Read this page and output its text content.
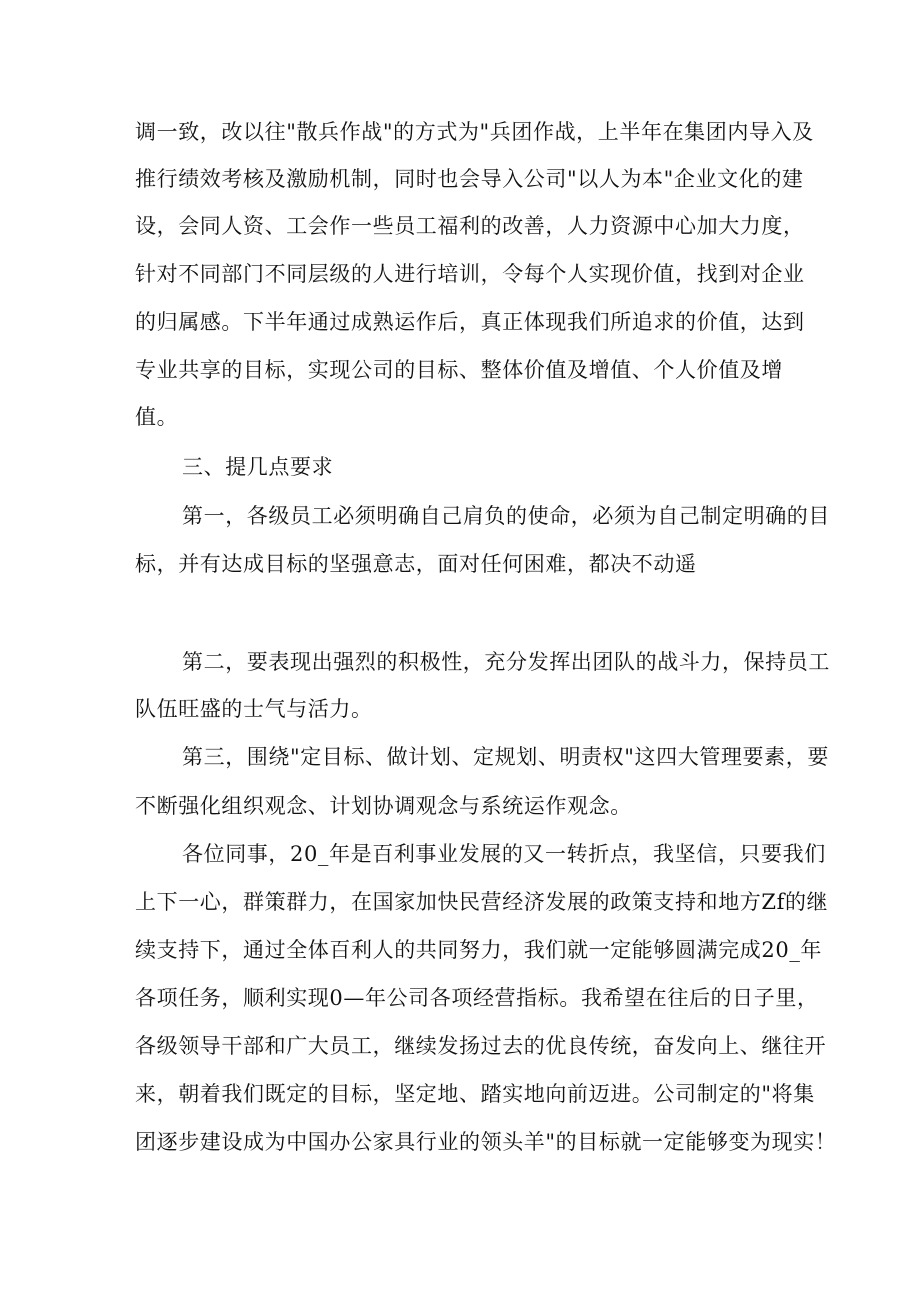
调一致，改以往"散兵作战"的方式为"兵团作战，上半年在集团内导入及
推行绩效考核及激励机制，同时也会导入公司"以人为本"企业文化的建
设，会同人资、工会作一些员工福利的改善，人力资源中心加大力度，
针对不同部门不同层级的人进行培训，令每个人实现价值，找到对企业
的归属感。下半年通过成熟运作后，真正体现我们所追求的价值，达到
专业共享的目标，实现公司的目标、整体价值及增值、个人价值及增
值。
三、提几点要求
第一，各级员工必须明确自己肩负的使命，必须为自己制定明确的目
标，并有达成目标的坚强意志，面对任何困难，都决不动遥
第二，要表现出强烈的积极性，充分发挥出团队的战斗力，保持员工
队伍旺盛的士气与活力。
第三，围绕"定目标、做计划、定规划、明责权"这四大管理要素，要
不断强化组织观念、计划协调观念与系统运作观念。
各位同事，20_年是百利事业发展的又一转折点，我坚信，只要我们
上下一心，群策群力，在国家加快民营经济发展的政策支持和地方Zf的继
续支持下，通过全体百利人的共同努力，我们就一定能够圆满完成20_年
各项任务，顺利实现0—年公司各项经营指标。我希望在往后的日子里，
各级领导干部和广大员工，继续发扬过去的优良传统，奋发向上、继往开
来，朝着我们既定的目标，坚定地、踏实地向前迈进。公司制定的"将集
团逐步建设成为中国办公家具行业的领头羊"的目标就一定能够变为现实！
